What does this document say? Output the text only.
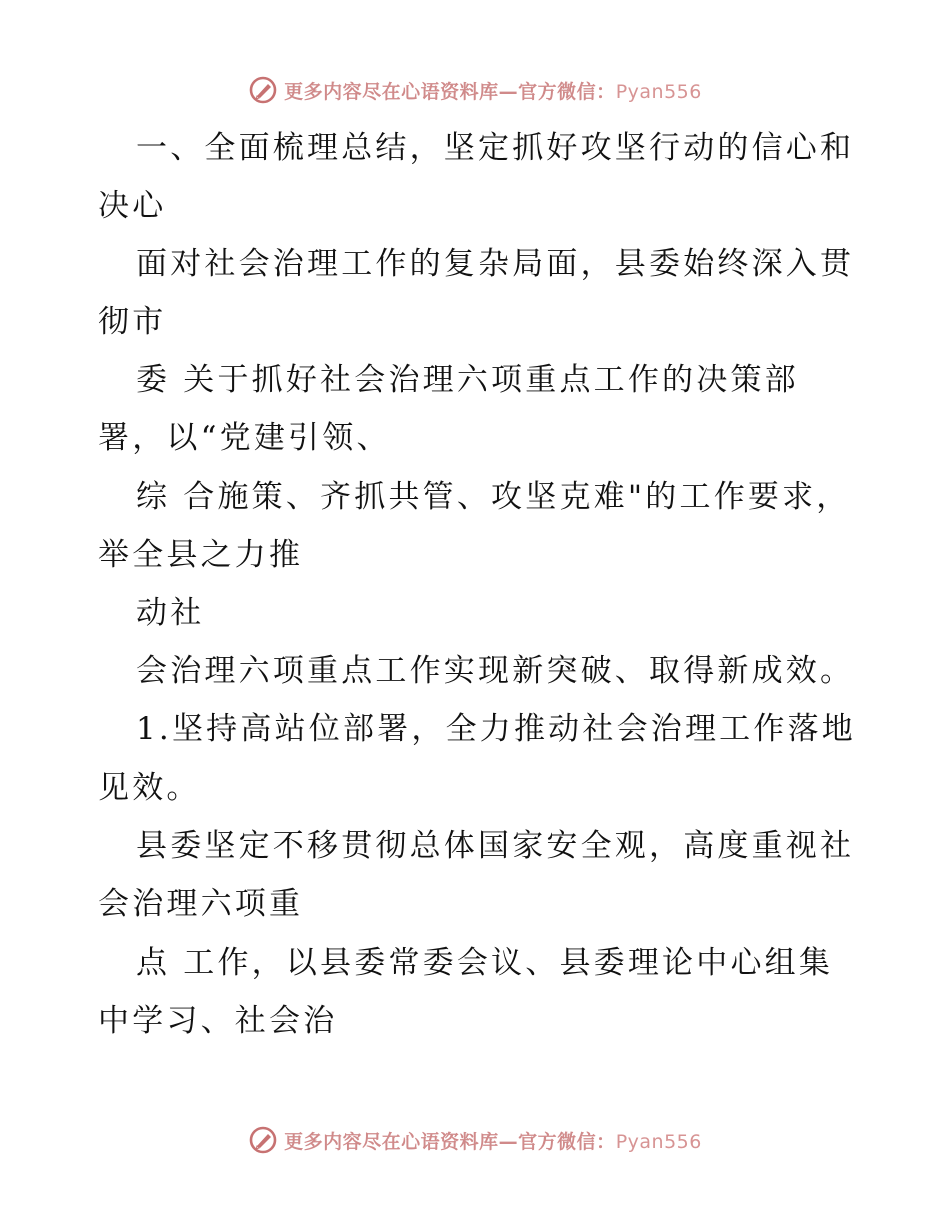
更多内容尽在心语资料库—官方微信：Pyan556
一、全面梳理总结，坚定抓好攻坚行动的信心和
决心
面对社会治理工作的复杂局面，县委始终深入贯
彻市
委 关于抓好社会治理六项重点工作的决策部
署，以“党建引领、
综 合施策、齐抓共管、攻坚克难"的工作要求，
举全县之力推
动社
会治理六项重点工作实现新突破、取得新成效。
1.坚持高站位部署，全力推动社会治理工作落地
见效。
县委坚定不移贯彻总体国家安全观，高度重视社
会治理六项重
点 工作，以县委常委会议、县委理论中心组集
中学习、社会治
更多内容尽在心语资料库—官方微信：Pyan556
